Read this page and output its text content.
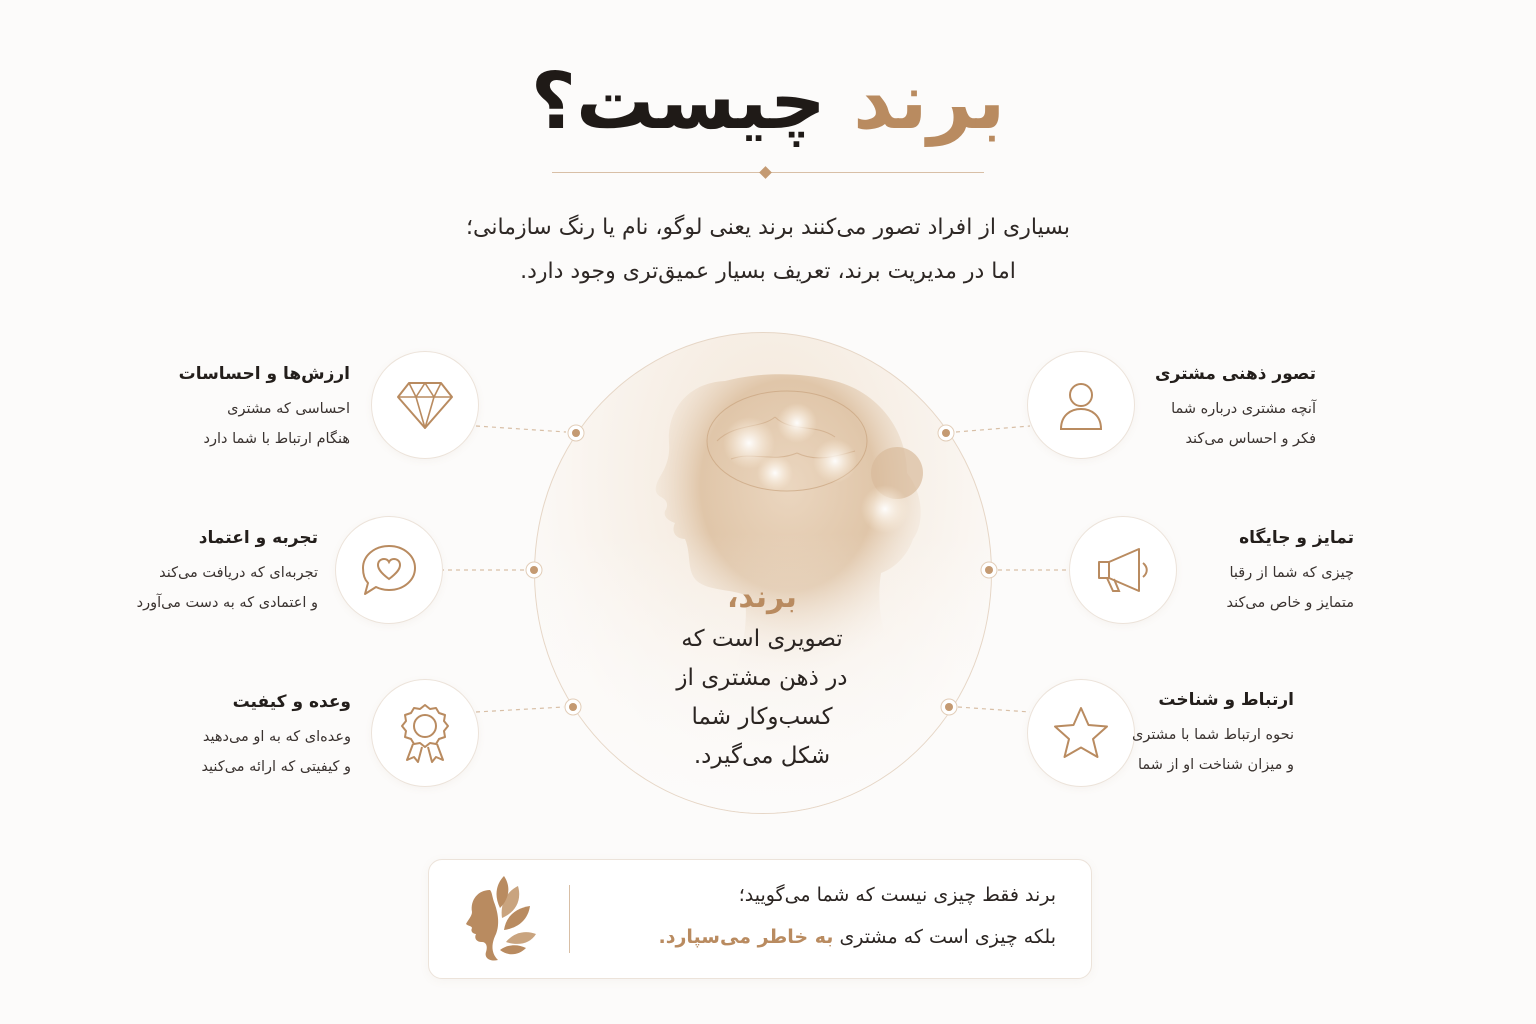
برند چیست؟
بسیاری از افراد تصور می‌کنند برند یعنی لوگو، نام یا رنگ سازمانی؛
اما در مدیریت برند، تعریف بسیار عمیق‌تری وجود دارد.
برند،
تصویری است که
در ذهن مشتری از
کسب‌وکار شما
شکل می‌گیرد.
تصور ذهنی مشتری
آنچه مشتری درباره شما
فکر و احساس می‌کند
تمایز و جایگاه
چیزی که شما از رقبا
متمایز و خاص می‌کند
ارتباط و شناخت
نحوه ارتباط شما با مشتری
و میزان شناخت او از شما
ارزش‌ها و احساسات
احساسی که مشتری
هنگام ارتباط با شما دارد
تجربه و اعتماد
تجربه‌ای که دریافت می‌کند
و اعتمادی که به دست می‌آورد
وعده و کیفیت
وعده‌ای که به او می‌دهید
و کیفیتی که ارائه می‌کنید
برند فقط چیزی نیست که شما می‌گویید؛
بلکه چیزی است که مشتری به خاطر می‌سپارد.
